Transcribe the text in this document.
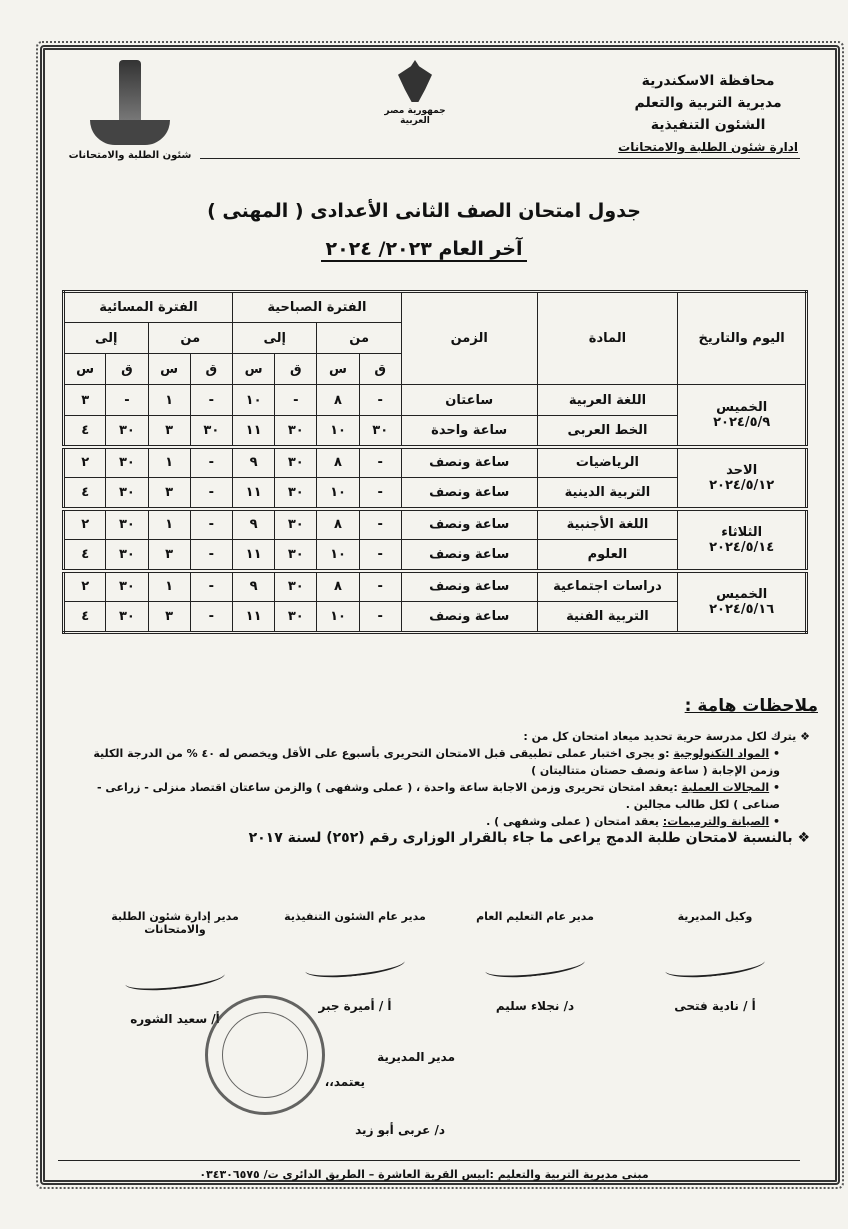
شئون الطلبة والامتحانات
جمهورية مصر العربية
محافظة الاسكندرية
مديرية التربية والتعلم
الشئون التنفيذية
ادارة شئون الطلبة والامتحانات
جدول امتحان الصف الثانى الأعدادى ( المهنى )
آخر العام ٢٠٢٣/ ٢٠٢٤
اليوم والتاريخ	المادة	الزمن	الفترة الصباحية				الفترة المسائية			
			من		إلى		من		إلى	
			ق	س	ق	س	ق	س	ق	س

الخميس
٢٠٢٤/٥/٩	اللغة العربية	ساعتان	-	٨	-	١٠	-	١	-	٣
	الخط العربى	ساعة واحدة	٣٠	١٠	٣٠	١١	٣٠	٣	٣٠	٤

الاحد
٢٠٢٤/٥/١٢	الرياضيات	ساعة ونصف	-	٨	٣٠	٩	-	١	٣٠	٢
	التربية الدينية	ساعة ونصف	-	١٠	٣٠	١١	-	٣	٣٠	٤

الثلاثاء
٢٠٢٤/٥/١٤	اللغة الأجنبية	ساعة ونصف	-	٨	٣٠	٩	-	١	٣٠	٢
	العلوم	ساعة ونصف	-	١٠	٣٠	١١	-	٣	٣٠	٤

الخميس
٢٠٢٤/٥/١٦	دراسات اجتماعية	ساعة ونصف	-	٨	٣٠	٩	-	١	٣٠	٢
	التربية الفنية	ساعة ونصف	-	١٠	٣٠	١١	-	٣	٣٠	٤
ملاحظات هامة :
❖ يترك لكل مدرسة حرية تحديد ميعاد امتحان كل من :
• المواد التكنولوجية :و يجرى اختبار عملى تطبيقى قبل الامتحان التحريرى بأسبوع على الأقل ويخصص له ٤٠ % من الدرجة الكلية وزمن الإجابة ( ساعة ونصف حصتان متتاليتان )
• المجالات العملية :يعقد امتحان تحريرى وزمن الاجابة ساعة واحدة ، ( عملى وشفهى ) والزمن ساعتان اقتصاد منزلى - زراعى - صناعى ) لكل طالب مجالين .
• الصيانة والترميمات: يعقد امتحان ( عملى وشفهى ) .
❖ بالنسبة لامتحان طلبة الدمج يراعى ما جاء بالقرار الوزارى رقم (٢٥٢) لسنة ٢٠١٧
مدير إدارة شئون الطلبة والامتحانات
أ/ سعيد الشوره
مدير عام الشئون التنفيذية
أ / أميرة جبر
مدير عام التعليم العام
د/ نجلاء سليم
وكيل المديرية
أ / نادية فتحى
مدير المديرية
يعتمد،،
د/ عربى أبو زيد
مبنى مديرية التربية والتعليم :ابيس القرية العاشرة – الطريق الدائرى ت/ ٠٣٤٣٠٦٥٧٥
